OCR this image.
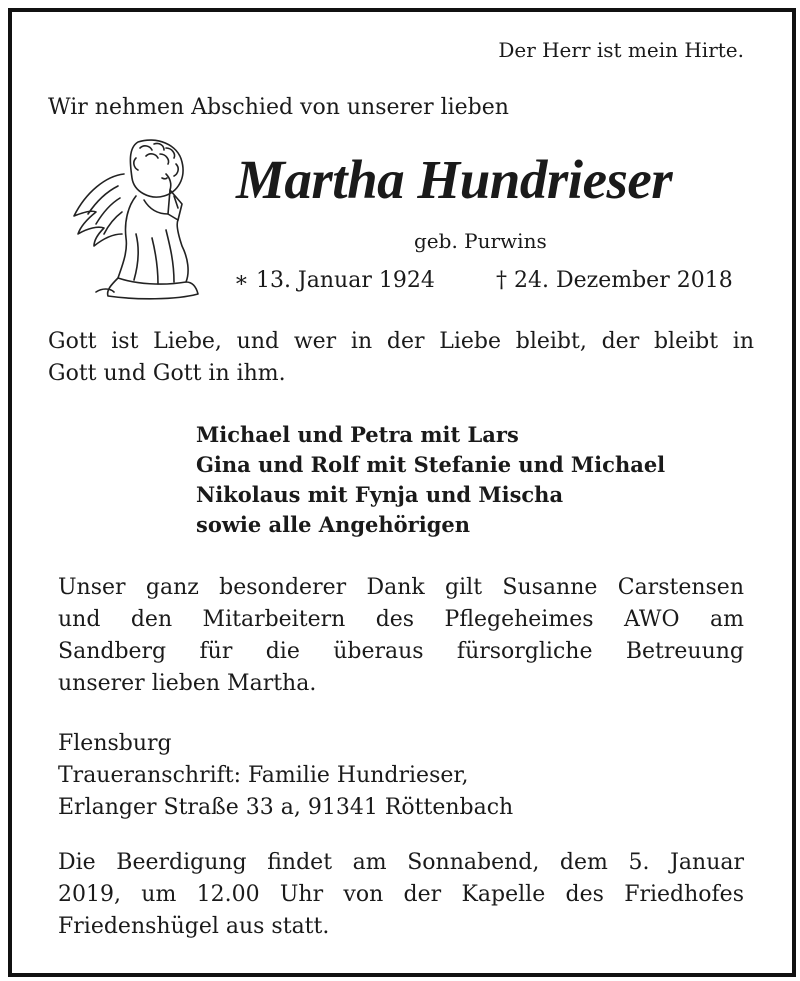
Der Herr ist mein Hirte.
Wir nehmen Abschied von unserer lieben
Martha Hundrieser
geb. Purwins
∗ 13. Januar 1924	† 24. Dezember 2018
Gott ist Liebe, und wer in der Liebe bleibt, der bleibt in
Gott und Gott in ihm.
Michael und Petra mit Lars
Gina und Rolf mit Stefanie und Michael
Nikolaus mit Fynja und Mischa
sowie alle Angehörigen
Unser ganz besonderer Dank gilt Susanne Carstensen
und den Mitarbeitern des Pflegeheimes AWO am
Sandberg für die überaus fürsorgliche Betreuung
unserer lieben Martha.
Flensburg
Traueranschrift: Familie Hundrieser,
Erlanger Straße 33 a, 91341 Röttenbach
Die Beerdigung findet am Sonnabend, dem 5. Januar
2019, um 12.00 Uhr von der Kapelle des Friedhofes
Friedenshügel aus statt.
